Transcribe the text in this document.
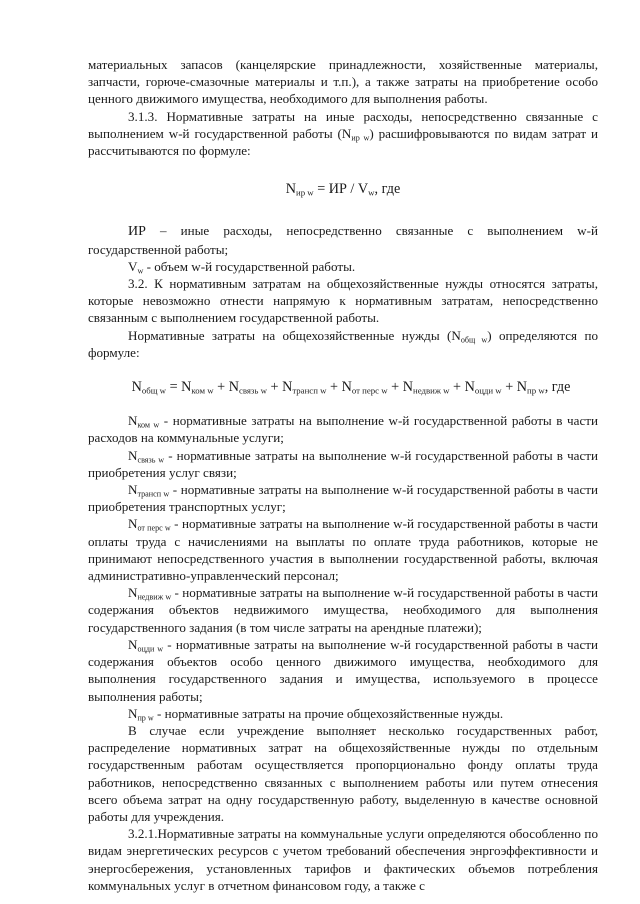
материальных запасов (канцелярские принадлежности, хозяйственные материалы, запчасти, горюче-смазочные материалы и т.п.), а также затраты на приобретение особо ценного движимого имущества, необходимого для выполнения работы.

3.1.3. Нормативные затраты на иные расходы, непосредственно связанные с выполнением w-й государственной работы $(N_{ир w})$ расшифровываются по видам затрат и рассчитываются по формуле:

$N_{ир w}$ = ИР / $V_w$, где

ИР – иные расходы, непосредственно связанные с выполнением w-й государственной работы;

$V_w$ - объем w-й государственной работы.

3.2. К нормативным затратам на общехозяйственные нужды относятся затраты, которые невозможно отнести напрямую к нормативным затратам, непосредственно связанным с выполнением государственной работы.

Нормативные затраты на общехозяйственные нужды $(N_{общ w})$ определяются по формуле:

$N_{общ w} = N_{ком w} + N_{связь w} + N_{трансп w} + N_{от перс w} + N_{недвиж w} + N_{оцди w} + N_{пр w}$, где

$N_{ком w}$ - нормативные затраты на выполнение w-й государственной работы в части расходов на коммунальные услуги;

$N_{связь w}$ - нормативные затраты на выполнение w-й государственной работы в части приобретения услуг связи;

$N_{трансп w}$ - нормативные затраты на выполнение w-й государственной работы в части приобретения транспортных услуг;

$N_{от перс w}$ - нормативные затраты на выполнение w-й государственной работы в части оплаты труда с начислениями на выплаты по оплате труда работников, которые не принимают непосредственного участия в выполнении государственной работы, включая административно-управленческий персонал;

$N_{недвиж w}$ - нормативные затраты на выполнение w-й государственной работы в части содержания объектов недвижимого имущества, необходимого для выполнения государственного задания (в том числе затраты на арендные платежи);

$N_{оцди w}$ - нормативные затраты на выполнение w-й государственной работы в части содержания объектов особо ценного движимого имущества, необходимого для выполнения государственного задания и имущества, используемого в процессе выполнения работы;

$N_{пр w}$ - нормативные затраты на прочие общехозяйственные нужды.

В случае если учреждение выполняет несколько государственных работ, распределение нормативных затрат на общехозяйственные нужды по отдельным государственным работам осуществляется пропорционально фонду оплаты труда работников, непосредственно связанных с выполнением работы или путем отнесения всего объема затрат на одну государственную работу, выделенную в качестве основной работы для учреждения.

3.2.1.Нормативные затраты на коммунальные услуги определяются обособленно по видам энергетических ресурсов с учетом требований обеспечения энргоэффективности и энергосбережения, установленных тарифов и фактических объемов потребления коммунальных услуг в отчетном финансовом году, а также с
